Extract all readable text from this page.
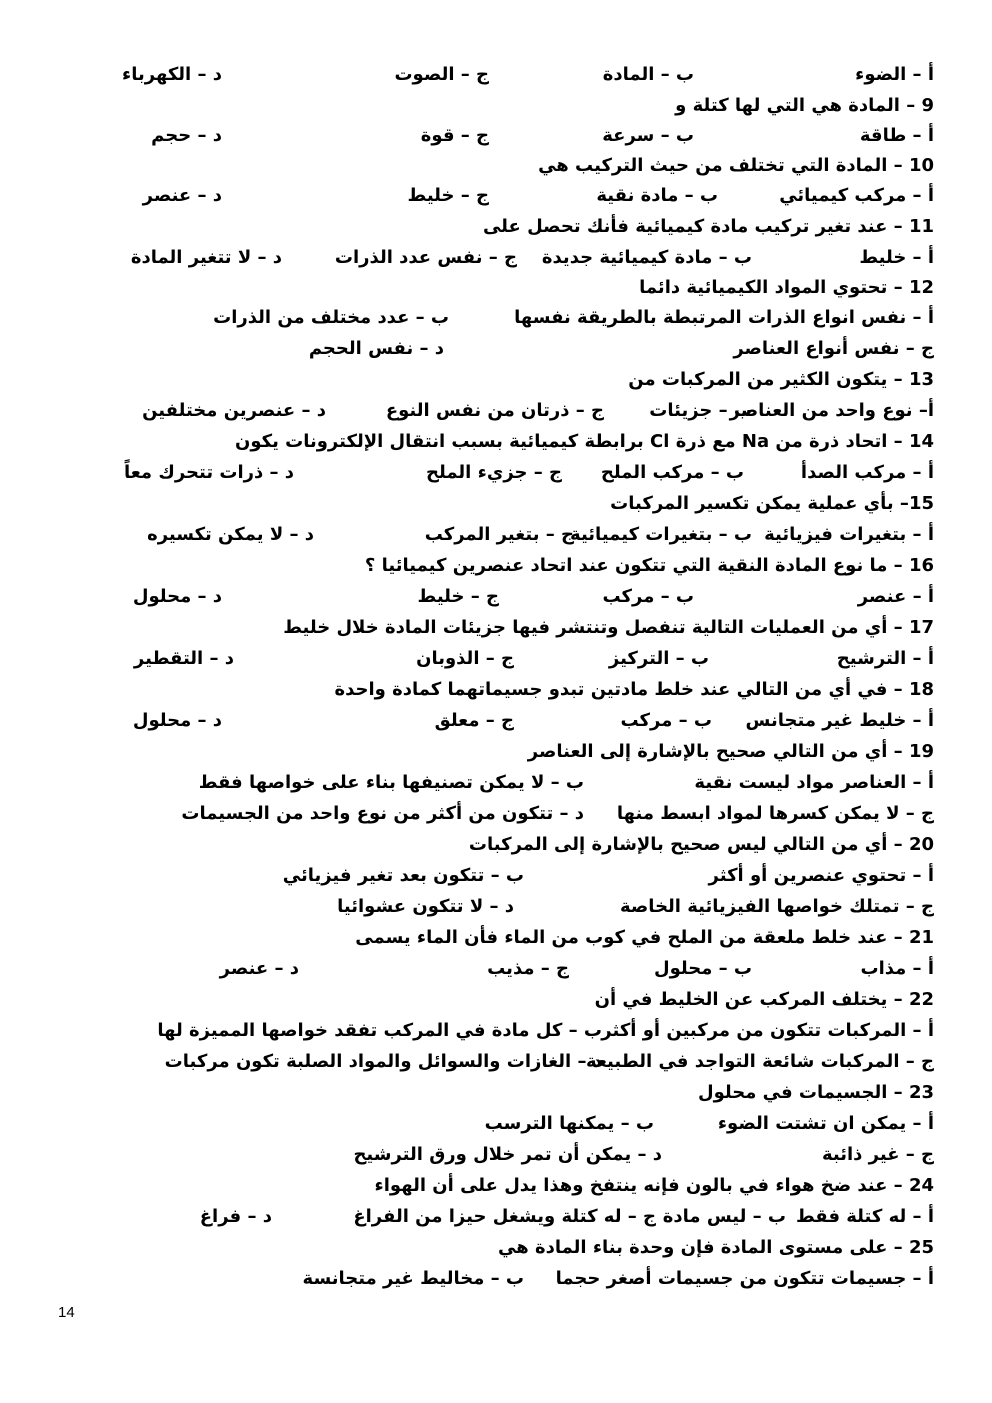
14
أ – الضوء
ب – المادة
ج – الصوت
د – الكهرباء
9 – المادة هي التي لها كتلة و
أ – طاقة
ب – سرعة
ج – قوة
د – حجم
10 – المادة التي تختلف من حيث التركيب هي
أ – مركب كيميائي
ب – مادة نقية
ج – خليط
د – عنصر
11 – عند تغير تركيب مادة كيميائية فأنك تحصل على
أ – خليط
ب – مادة كيميائية جديدة
ج – نفس عدد الذرات
د – لا تتغير المادة
12 – تحتوي المواد الكيميائية دائما
أ – نفس انواع الذرات المرتبطة بالطريقة نفسها
ب – عدد مختلف من الذرات
ج – نفس أنواع العناصر
د – نفس الحجم
13 – يتكون الكثير من المركبات من
أ– نوع واحد من العناصر
ب – جزيئات
ج – ذرتان من نفس النوع
د – عنصرين مختلفين
14 – اتحاد ذرة من Na مع ذرة Cl برابطة كيميائية بسبب انتقال الإلكترونات يكون
أ – مركب الصدأ
ب – مركب الملح
ج – جزيء الملح
د – ذرات تتحرك معاً
15– بأي عملية يمكن تكسير المركبات
أ – بتغيرات فيزيائية
ب – بتغيرات كيميائية
ج – بتغير المركب
د – لا يمكن تكسيره
16 – ما نوع المادة النقية التي تتكون عند اتحاد عنصرين كيميائيا ؟
أ – عنصر
ب – مركب
ج – خليط
د – محلول
17 – أي من العمليات التالية تنفصل وتنتشر فيها جزيئات المادة خلال خليط
أ – الترشيح
ب – التركيز
ج – الذوبان
د – التقطير
18 – في أي من التالي عند خلط مادتين تبدو جسيماتهما كمادة واحدة
أ – خليط غير متجانس
ب – مركب
ج – معلق
د – محلول
19 – أي من التالي صحيح بالإشارة إلى العناصر
أ – العناصر مواد ليست نقية
ب – لا يمكن تصنيفها بناء على خواصها فقط
ج – لا يمكن كسرها لمواد ابسط منها
د – تتكون من أكثر من نوع واحد من الجسيمات
20 – أي من التالي ليس صحيح بالإشارة إلى المركبات
أ – تحتوي عنصرين أو أكثر
ب – تتكون بعد تغير فيزيائي
ج – تمتلك خواصها الفيزيائية الخاصة
د – لا تتكون عشوائيا
21 – عند خلط ملعقة من الملح في كوب من الماء فأن الماء يسمى
أ – مذاب
ب – محلول
ج – مذيب
د – عنصر
22 – يختلف المركب عن الخليط في أن
أ – المركبات تتكون من مركبين أو أكثر
ب – كل مادة في المركب تفقد خواصها المميزة لها
ج – المركبات شائعة التواجد في الطبيعة
د – الغازات والسوائل والمواد الصلبة تكون مركبات
23 – الجسيمات في محلول
أ – يمكن ان تشتت الضوء
ب – يمكنها الترسب
ج – غير ذائبة
د – يمكن أن تمر خلال ورق الترشيح
24 – عند ضخ هواء في بالون فإنه ينتفخ وهذا يدل على أن الهواء
أ – له كتلة فقط
ب – ليس مادة
ج – له كتلة ويشغل حيزا من الفراغ
د – فراغ
25 – على مستوى المادة فإن وحدة بناء المادة هي
أ – جسيمات تتكون من جسيمات أصغر حجما
ب – مخاليط غير متجانسة
